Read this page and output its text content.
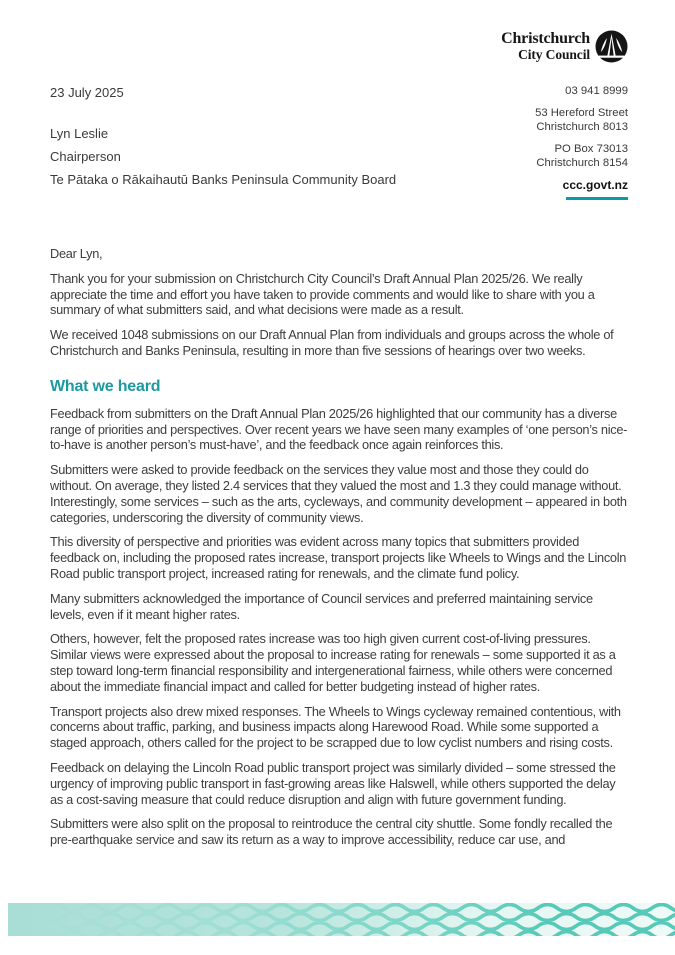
23 July 2025
Lyn Leslie
Chairperson
Te Pātaka o Rākaihautū Banks Peninsula Community Board
Christchurch
City Council
03 941 8999
53 Hereford Street
Christchurch 8013
PO Box 73013
Christchurch 8154
ccc.govt.nz

Dear Lyn,

Thank you for your submission on Christchurch City Council’s Draft Annual Plan 2025/26. We really appreciate the time and effort you have taken to provide comments and would like to share with you a summary of what submitters said, and what decisions were made as a result.

We received 1048 submissions on our Draft Annual Plan from individuals and groups across the whole of Christchurch and Banks Peninsula, resulting in more than five sessions of hearings over two weeks.

What we heard

Feedback from submitters on the Draft Annual Plan 2025/26 highlighted that our community has a diverse range of priorities and perspectives. Over recent years we have seen many examples of ‘one person’s nice-to-have is another person’s must-have’, and the feedback once again reinforces this.

Submitters were asked to provide feedback on the services they value most and those they could do without. On average, they listed 2.4 services that they valued the most and 1.3 they could manage without. Interestingly, some services – such as the arts, cycleways, and community development – appeared in both categories, underscoring the diversity of community views.

This diversity of perspective and priorities was evident across many topics that submitters provided feedback on, including the proposed rates increase, transport projects like Wheels to Wings and the Lincoln Road public transport project, increased rating for renewals, and the climate fund policy.

Many submitters acknowledged the importance of Council services and preferred maintaining service levels, even if it meant higher rates.

Others, however, felt the proposed rates increase was too high given current cost-of-living pressures. Similar views were expressed about the proposal to increase rating for renewals – some supported it as a step toward long-term financial responsibility and intergenerational fairness, while others were concerned about the immediate financial impact and called for better budgeting instead of higher rates.

Transport projects also drew mixed responses. The Wheels to Wings cycleway remained contentious, with concerns about traffic, parking, and business impacts along Harewood Road. While some supported a staged approach, others called for the project to be scrapped due to low cyclist numbers and rising costs.

Feedback on delaying the Lincoln Road public transport project was similarly divided – some stressed the urgency of improving public transport in fast-growing areas like Halswell, while others supported the delay as a cost-saving measure that could reduce disruption and align with future government funding.

Submitters were also split on the proposal to reintroduce the central city shuttle. Some fondly recalled the pre-earthquake service and saw its return as a way to improve accessibility, reduce car use, and
